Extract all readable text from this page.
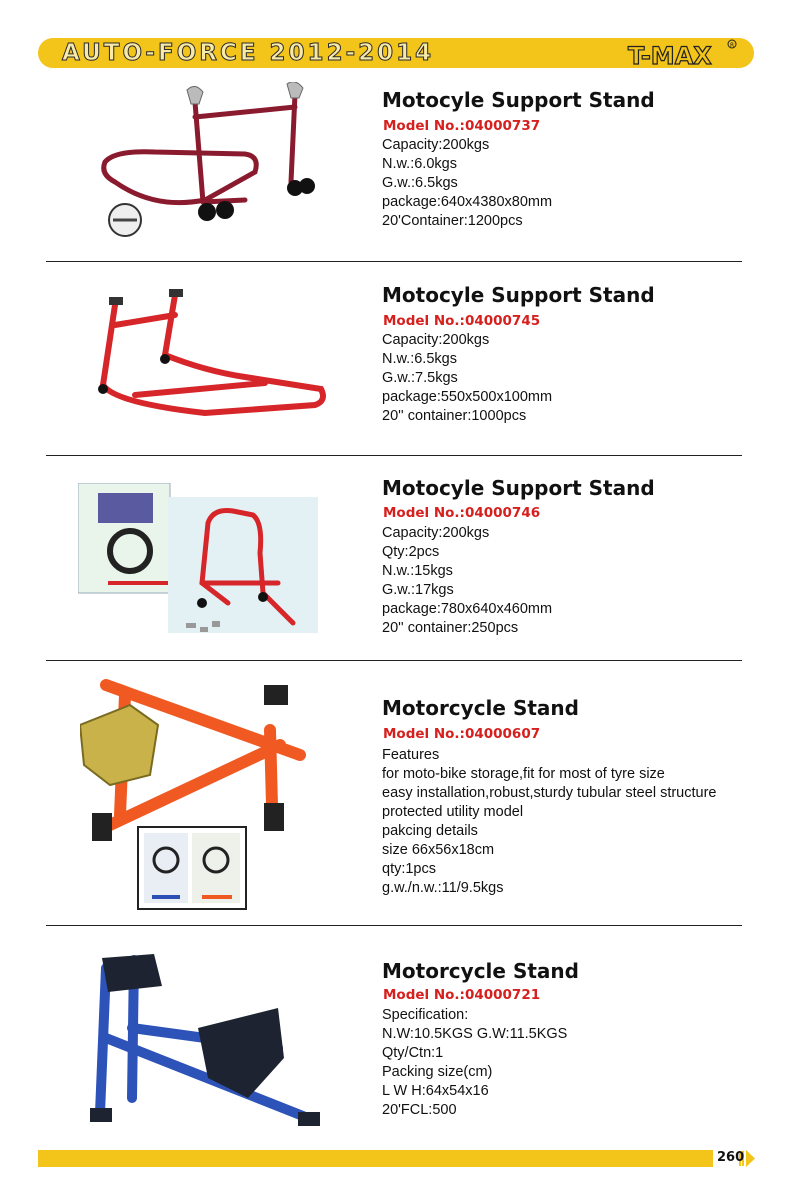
AUTO-FORCE 2012-2014	T-MAX	R
Motocyle Support Stand
Model No.:04000737
Capacity:200kgs
N.w.:6.0kgs
G.w.:6.5kgs
package:640x4380x80mm
20'Container:1200pcs
Motocyle Support Stand
Model No.:04000745
Capacity:200kgs
N.w.:6.5kgs
G.w.:7.5kgs
package:550x500x100mm
20'' container:1000pcs
Motocyle Support Stand
Model No.:04000746
Capacity:200kgs
Qty:2pcs
N.w.:15kgs
G.w.:17kgs
package:780x640x460mm
20'' container:250pcs
Motorcycle Stand
Model No.:04000607
Features
for moto-bike storage,fit for most of tyre size
easy installation,robust,sturdy tubular steel structure
protected utility model
pakcing details
size 66x56x18cm
qty:1pcs
g.w./n.w.:11/9.5kgs
Motorcycle Stand
Model No.:04000721
Specification:
N.W:10.5KGS G.W:11.5KGS
Qty/Ctn:1
Packing size(cm)
L W H:64x54x16
20'FCL:500
260
